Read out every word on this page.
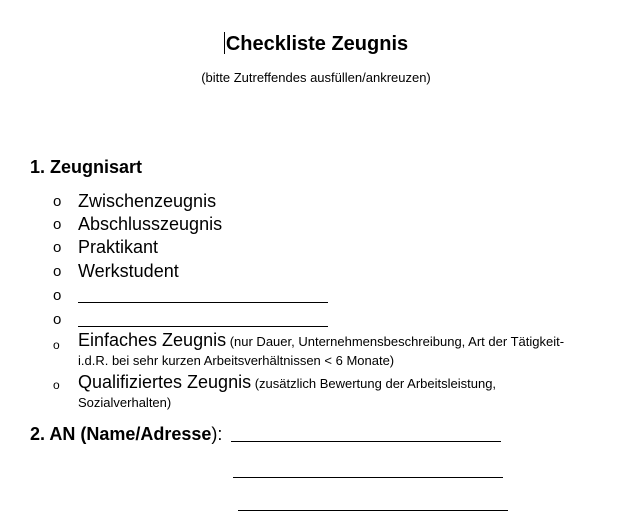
Checkliste Zeugnis
(bitte Zutreffendes ausfüllen/ankreuzen)
1. Zeugnisart
o Zwischenzeugnis
o Abschlusszeugnis
o Praktikant
o Werkstudent
o
o
o Einfaches Zeugnis (nur Dauer, Unternehmensbeschreibung, Art der Tätigkeit-
i.d.R. bei sehr kurzen Arbeitsverhältnissen < 6 Monate)
o Qualifiziertes Zeugnis (zusätzlich Bewertung der Arbeitsleistung,
Sozialverhalten)
2. AN (Name/Adresse):
